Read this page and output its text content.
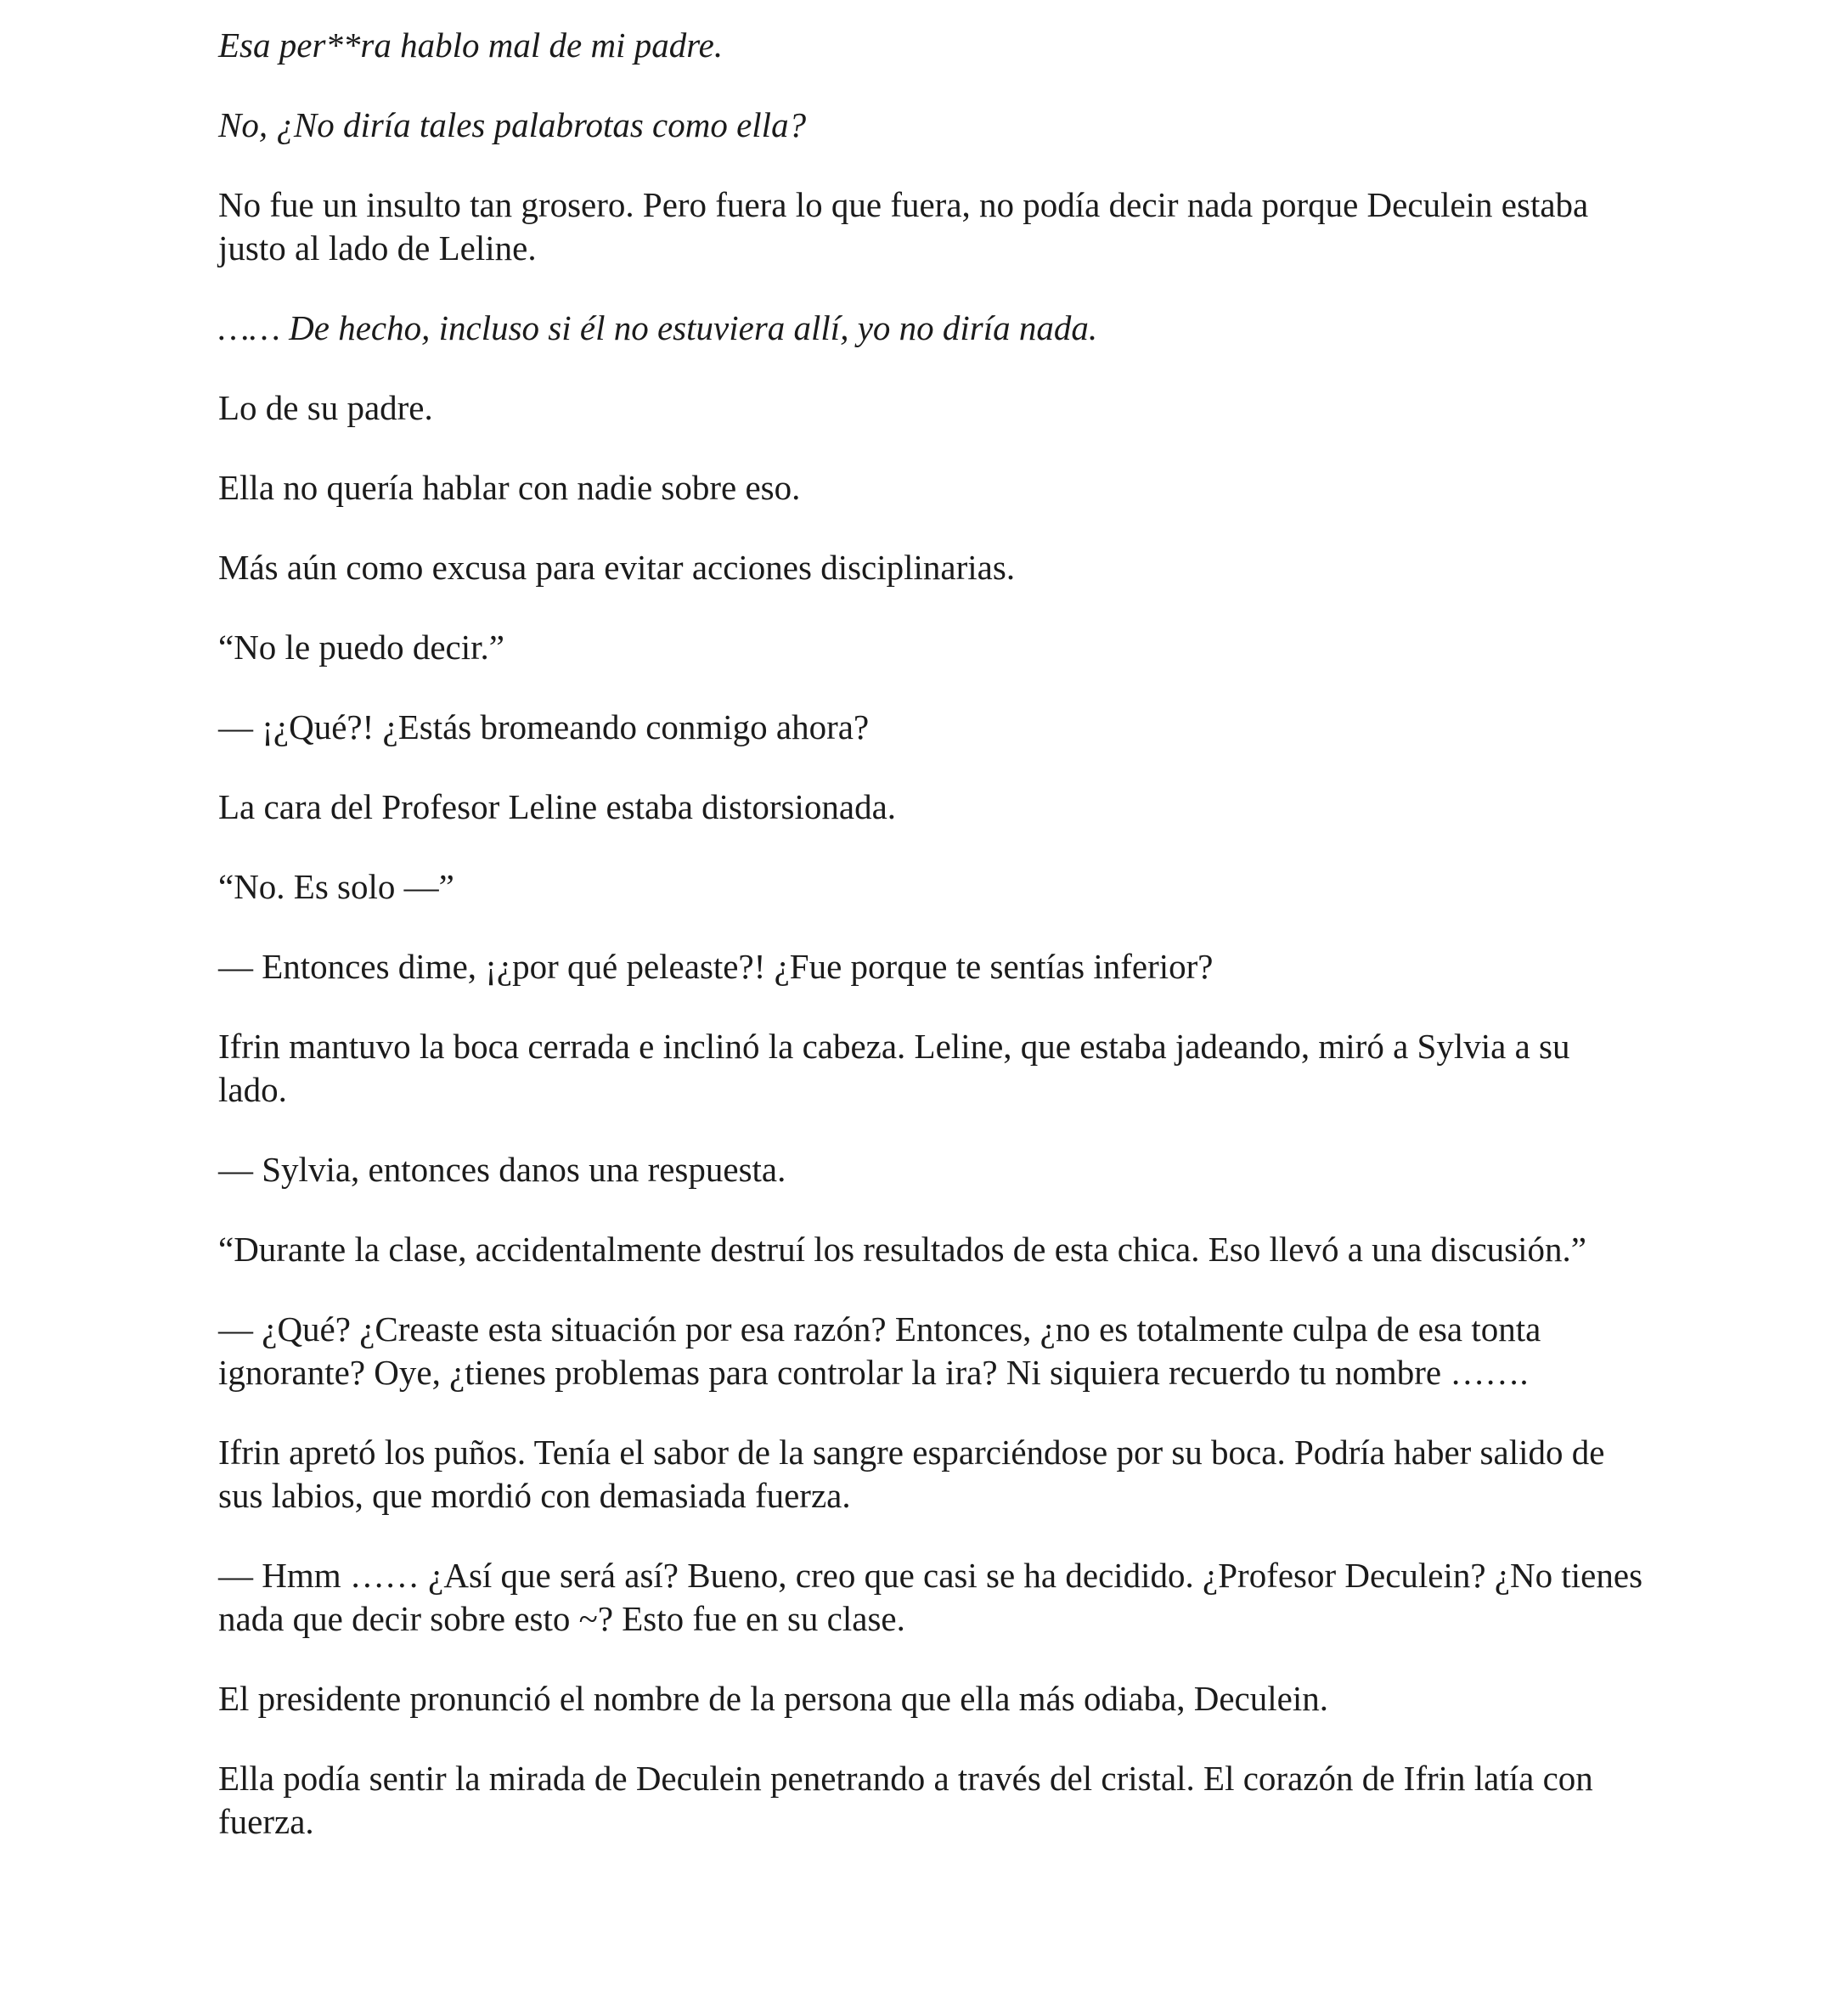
Esa per**ra hablo mal de mi padre.

No, ¿No diría tales palabrotas como ella?

No fue un insulto tan grosero. Pero fuera lo que fuera, no podía decir nada porque Deculein estaba justo al lado de Leline.

…… De hecho, incluso si él no estuviera allí, yo no diría nada.

Lo de su padre.

Ella no quería hablar con nadie sobre eso.

Más aún como excusa para evitar acciones disciplinarias.

“No le puedo decir.”

— ¡¿Qué?! ¿Estás bromeando conmigo ahora?

La cara del Profesor Leline estaba distorsionada.

“No. Es solo —”

— Entonces dime, ¡¿por qué peleaste?! ¿Fue porque te sentías inferior?

Ifrin mantuvo la boca cerrada e inclinó la cabeza. Leline, que estaba jadeando, miró a Sylvia a su lado.

— Sylvia, entonces danos una respuesta.

“Durante la clase, accidentalmente destruí los resultados de esta chica. Eso llevó a una discusión.”

— ¿Qué? ¿Creaste esta situación por esa razón? Entonces, ¿no es totalmente culpa de esa tonta ignorante? Oye, ¿tienes problemas para controlar la ira? Ni siquiera recuerdo tu nombre …….

Ifrin apretó los puños. Tenía el sabor de la sangre esparciéndose por su boca. Podría haber salido de sus labios, que mordió con demasiada fuerza.

— Hmm …… ¿Así que será así? Bueno, creo que casi se ha decidido. ¿Profesor Deculein? ¿No tienes nada que decir sobre esto ~? Esto fue en su clase.

El presidente pronunció el nombre de la persona que ella más odiaba, Deculein.

Ella podía sentir la mirada de Deculein penetrando a través del cristal. El corazón de Ifrin latía con fuerza.
